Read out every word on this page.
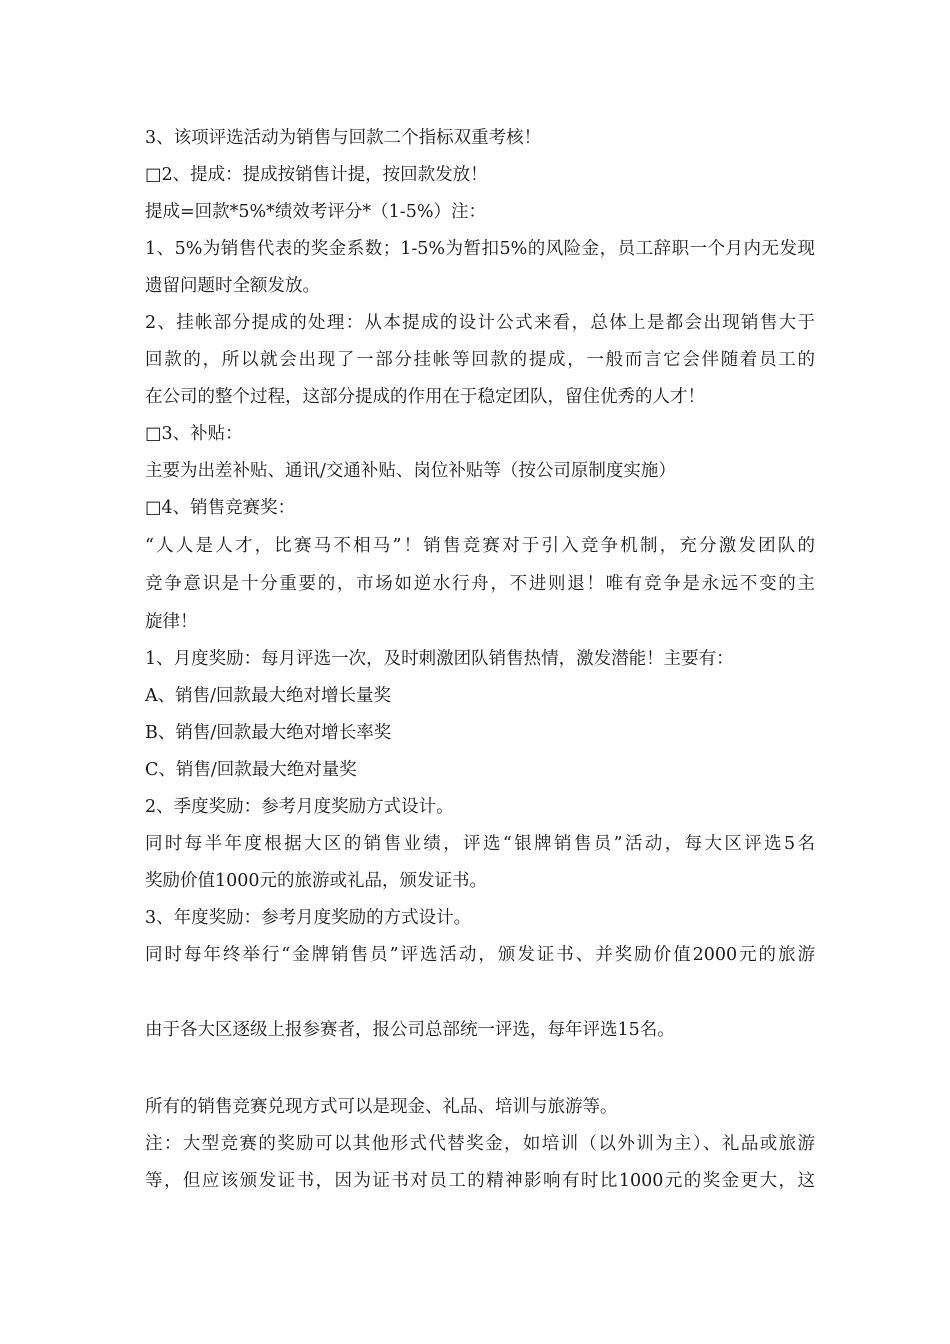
3、该项评选活动为销售与回款二个指标双重考核！
□2、提成：提成按销售计提，按回款发放！
提成=回款*5%*绩效考评分*（1-5%）注：
1、5%为销售代表的奖金系数；1-5%为暂扣5%的风险金，员工辞职一个月内无发现
遗留问题时全额发放。
2、挂帐部分提成的处理：从本提成的设计公式来看，总体上是都会出现销售大于
回款的，所以就会出现了一部分挂帐等回款的提成，一般而言它会伴随着员工的
在公司的整个过程，这部分提成的作用在于稳定团队，留住优秀的人才！
□3、补贴：
主要为出差补贴、通讯/交通补贴、岗位补贴等（按公司原制度实施）
□4、销售竞赛奖：
“人人是人才，比赛马不相马”！销售竞赛对于引入竞争机制，充分激发团队的
竞争意识是十分重要的，市场如逆水行舟，不进则退！唯有竞争是永远不变的主
旋律！
1、月度奖励：每月评选一次，及时刺激团队销售热情，激发潜能！主要有：
A、销售/回款最大绝对增长量奖
B、销售/回款最大绝对增长率奖
C、销售/回款最大绝对量奖
2、季度奖励：参考月度奖励方式设计。
同时每半年度根据大区的销售业绩，评选“银牌销售员”活动，每大区评选5名
奖励价值1000元的旅游或礼品，颁发证书。
3、年度奖励：参考月度奖励的方式设计。
同时每年终举行“金牌销售员”评选活动，颁发证书、并奖励价值2000元的旅游
由于各大区逐级上报参赛者，报公司总部统一评选，每年评选15名。
所有的销售竞赛兑现方式可以是现金、礼品、培训与旅游等。
注：大型竞赛的奖励可以其他形式代替奖金，如培训（以外训为主）、礼品或旅游
等，但应该颁发证书，因为证书对员工的精神影响有时比1000元的奖金更大，这
